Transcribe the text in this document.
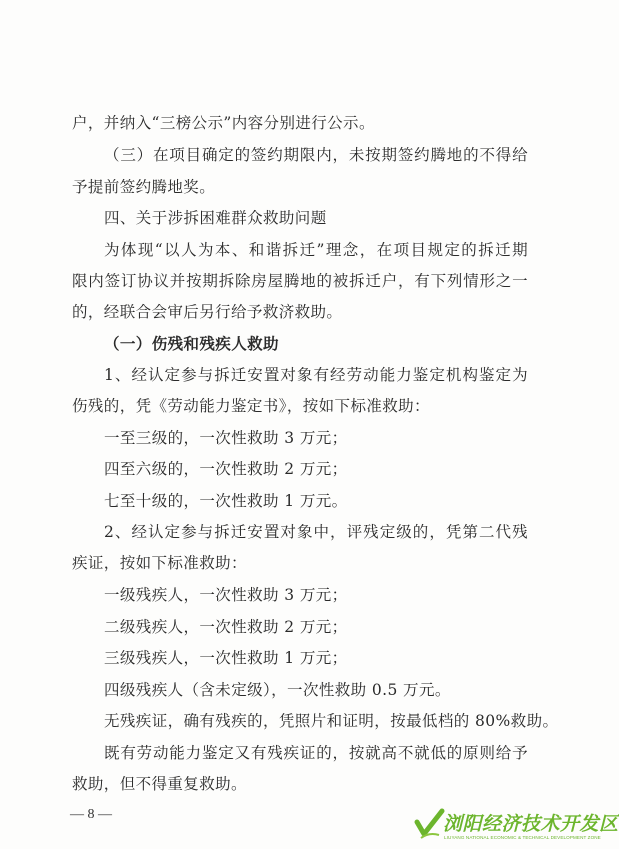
户，并纳入“三榜公示”内容分别进行公示。
（三）在项目确定的签约期限内，未按期签约腾地的不得给
予提前签约腾地奖。
四、关于涉拆困难群众救助问题
为体现“以人为本、和谐拆迁”理念，在项目规定的拆迁期
限内签订协议并按期拆除房屋腾地的被拆迁户，有下列情形之一
的，经联合会审后另行给予救济救助。
（一）伤残和残疾人救助
1、经认定参与拆迁安置对象有经劳动能力鉴定机构鉴定为
伤残的，凭《劳动能力鉴定书》，按如下标准救助：
一至三级的，一次性救助 3 万元；
四至六级的，一次性救助 2 万元；
七至十级的，一次性救助 1 万元。
2、经认定参与拆迁安置对象中，评残定级的，凭第二代残
疾证，按如下标准救助：
一级残疾人，一次性救助 3 万元；
二级残疾人，一次性救助 2 万元；
三级残疾人，一次性救助 1 万元；
四级残疾人（含未定级），一次性救助 0.5 万元。
无残疾证，确有残疾的，凭照片和证明，按最低档的 80%救助。
既有劳动能力鉴定又有残疾证的，按就高不就低的原则给予
救助，但不得重复救助。
— 8 —	浏阳经济技术开发区
LIUYANG NATIONAL ECONOMIC & TECHNICAL DEVELOPMENT ZONE
